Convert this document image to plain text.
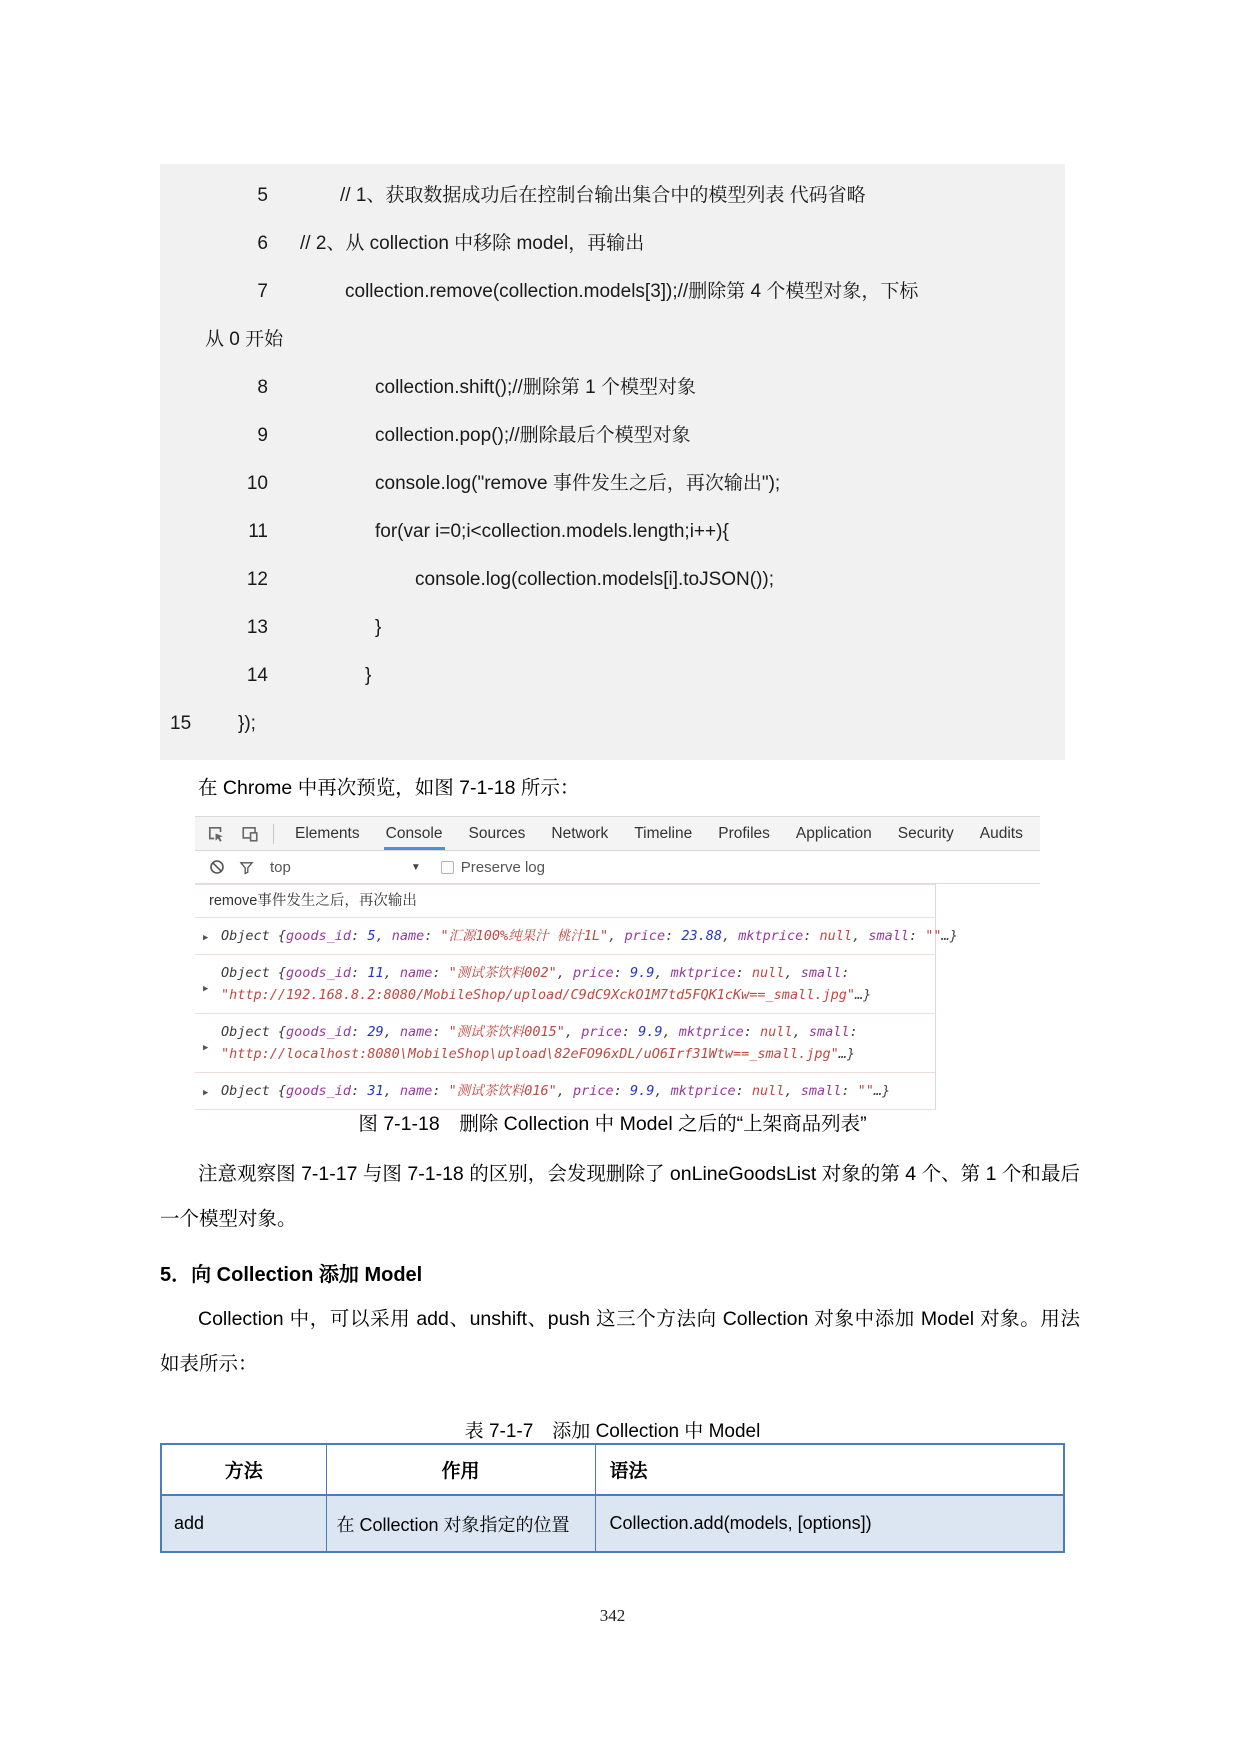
5	// 1、获取数据成功后在控制台输出集合中的模型列表 代码省略
6 // 2、从 collection 中移除 model，再输出
7	collection.remove(collection.models[3]);//删除第 4 个模型对象，下标
从 0 开始
8	collection.shift();//删除第 1 个模型对象
9	collection.pop();//删除最后个模型对象
10	console.log("remove 事件发生之后，再次输出");
11	for(var i=0;i<collection.models.length;i++){
12	console.log(collection.models[i].toJSON());
13	}
14	}
15	});

在 Chrome 中再次预览，如图 7-1-18 所示：

Elements	Console	Sources	Network	Timeline	Profiles	Application	Security	Audits
top	▼	Preserve log
remove事件发生之后，再次输出
▶ Object {goods_id: 5, name: "汇源100%纯果汁 桃汁1L", price: 23.88, mktprice: null, small: ""…}
▶
Object {goods_id: 11, name: "测试茶饮料002", price: 9.9, mktprice: null, small:
"http://192.168.8.2:8080/MobileShop/upload/C9dC9XckO1M7td5FQK1cKw==_small.jpg"…}
▶
Object {goods_id: 29, name: "测试茶饮料0015", price: 9.9, mktprice: null, small:
"http://localhost:8080\MobileShop\upload\82eFO96xDL/uO6Irf31Wtw==_small.jpg"…}
▶ Object {goods_id: 31, name: "测试茶饮料016", price: 9.9, mktprice: null, small: ""…}

图 7-1-18　删除 Collection 中 Model 之后的“上架商品列表”

注意观察图 7-1-17 与图 7-1-18 的区别，会发现删除了 onLineGoodsList 对象的第 4 个、第 1 个和最后一个模型对象。

5．向 Collection 添加 Model

Collection 中，可以采用 add、unshift、push 这三个方法向 Collection 对象中添加 Model 对象。用法如表所示：

表 7-1-7　添加 Collection 中 Model

方法	作用	语法
add	在 Collection 对象指定的位置	Collection.add(models, [options])
342
